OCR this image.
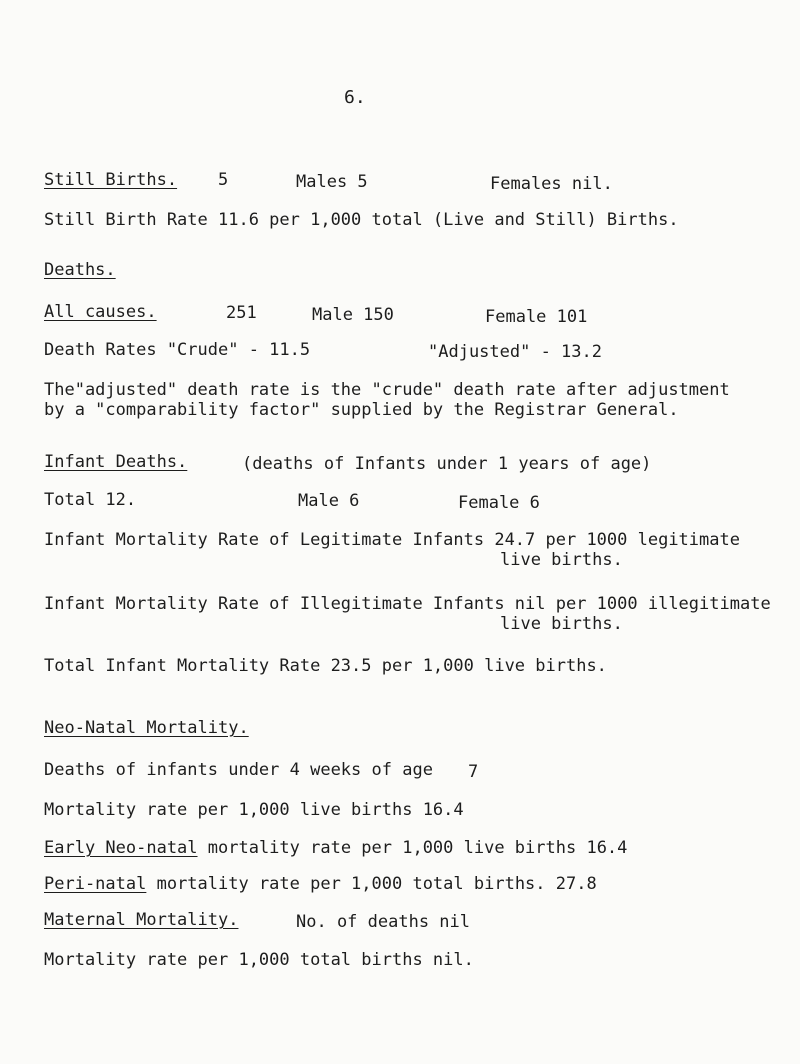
6.
Still Births. 5	Males 5	Females nil.
Still Birth Rate 11.6 per 1,000 total (Live and Still) Births.
Deaths.
All causes.	251	Male 150	Female 101
Death Rates "Crude" - 11.5	"Adjusted" - 13.2
The"adjusted" death rate is the "crude" death rate after adjustment
by a "comparability factor" supplied by the Registrar General.
Infant Deaths.	(deaths of Infants under 1 years of age)
Total 12.	Male 6	Female 6
Infant Mortality Rate of Legitimate Infants 24.7 per 1000 legitimate
live births.
Infant Mortality Rate of Illegitimate Infants nil per 1000 illegitimate
live births.
Total Infant Mortality Rate 23.5 per 1,000 live births.
Neo-Natal Mortality.
Deaths of infants under 4 weeks of age 7
Mortality rate per 1,000 live births 16.4
Early Neo-natal mortality rate per 1,000 live births 16.4
Peri-natal mortality rate per 1,000 total births. 27.8
Maternal Mortality.	No. of deaths nil
Mortality rate per 1,000 total births nil.
